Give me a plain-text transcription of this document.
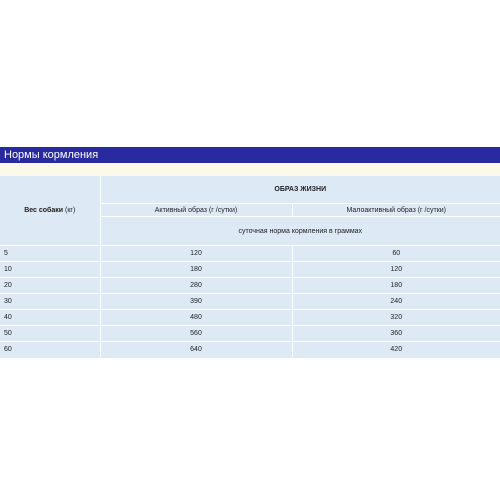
Нормы кормления
Вес собаки (кг)	ОБРАЗ ЖИЗНИ	
	Активный образ (г /сутки)	Малоактивный образ (г /сутки)
	суточная норма кормления в граммах	
5	120	60
10	180	120
20	280	180
30	390	240
40	480	320
50	560	360
60	640	420
